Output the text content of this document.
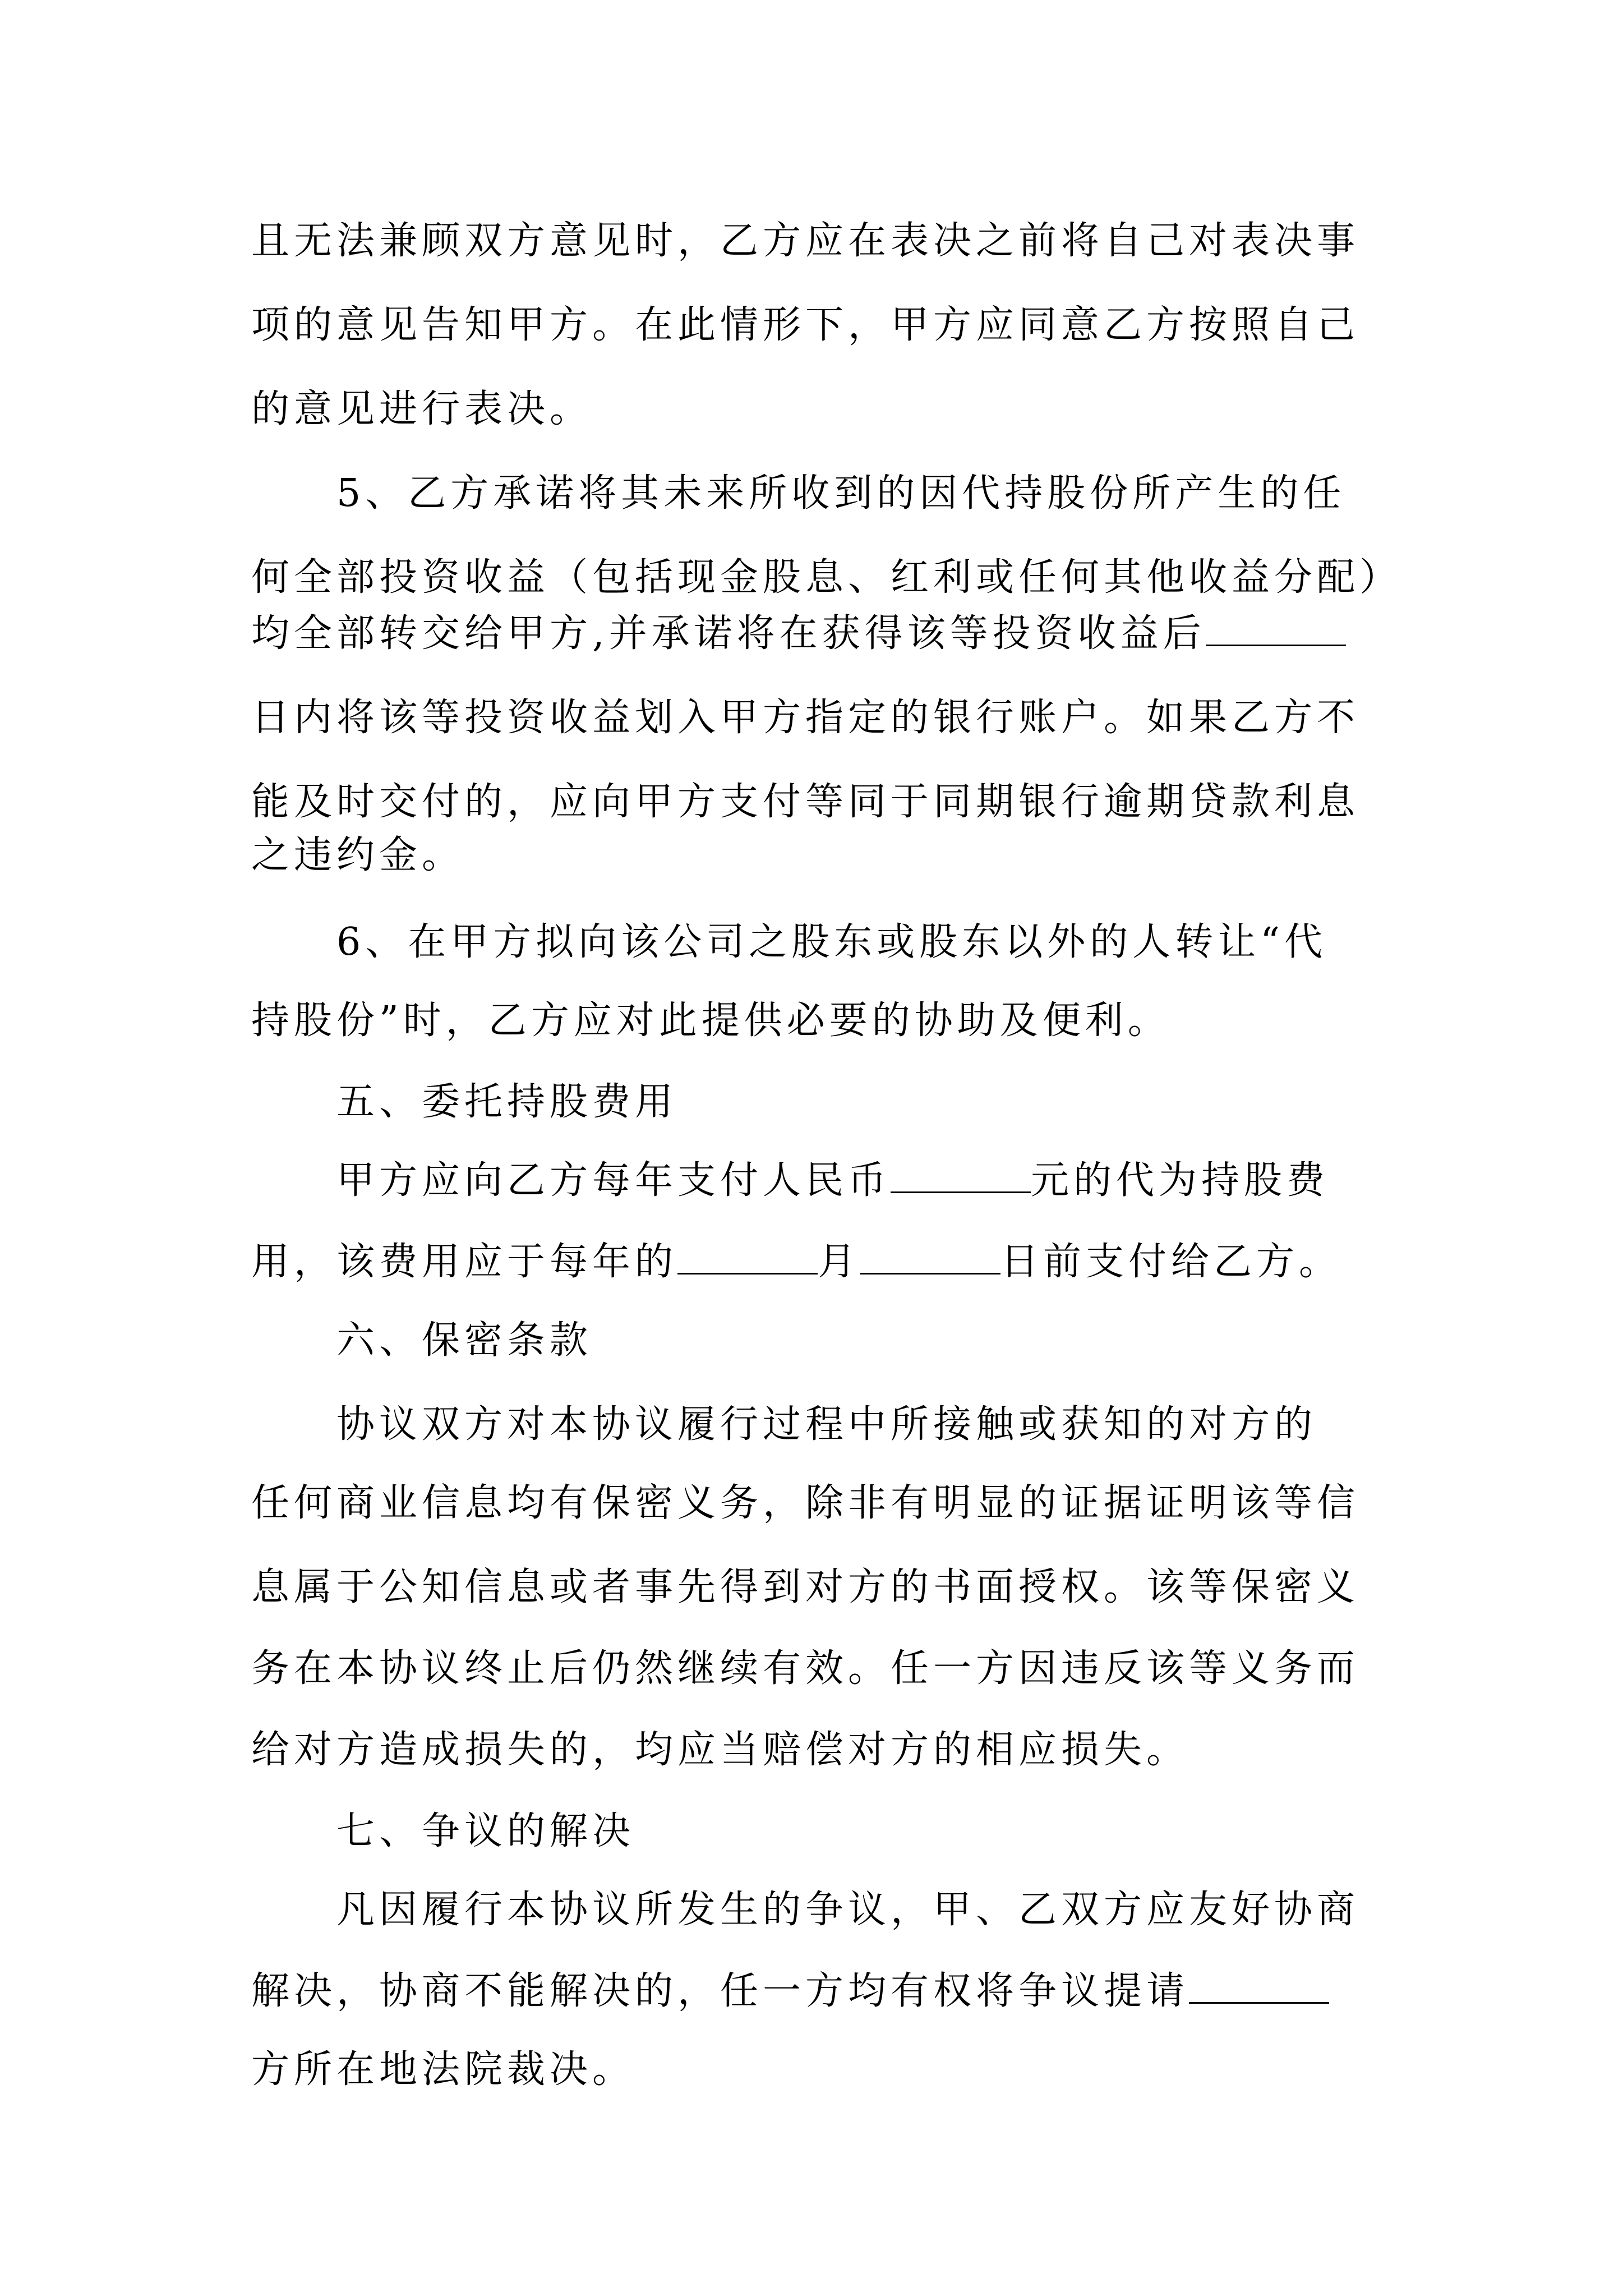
且无法兼顾双方意见时，乙方应在表决之前将自己对表决事
项的意见告知甲方。在此情形下，甲方应同意乙方按照自己
的意见进行表决。
5、乙方承诺将其未来所收到的因代持股份所产生的任
何全部投资收益（包括现金股息、红利或任何其他收益分配）
均全部转交给甲方,并承诺将在获得该等投资收益后
日内将该等投资收益划入甲方指定的银行账户。如果乙方不
能及时交付的，应向甲方支付等同于同期银行逾期贷款利息
之违约金。
6、在甲方拟向该公司之股东或股东以外的人转让“代
持股份”时，乙方应对此提供必要的协助及便利。
五、委托持股费用
甲方应向乙方每年支付人民币	元的代为持股费
用，该费用应于每年的	月	日前支付给乙方。
六、保密条款
协议双方对本协议履行过程中所接触或获知的对方的
任何商业信息均有保密义务，除非有明显的证据证明该等信
息属于公知信息或者事先得到对方的书面授权。该等保密义
务在本协议终止后仍然继续有效。任一方因违反该等义务而
给对方造成损失的，均应当赔偿对方的相应损失。
七、争议的解决
凡因履行本协议所发生的争议，甲、乙双方应友好协商
解决，协商不能解决的，任一方均有权将争议提请
方所在地法院裁决。
